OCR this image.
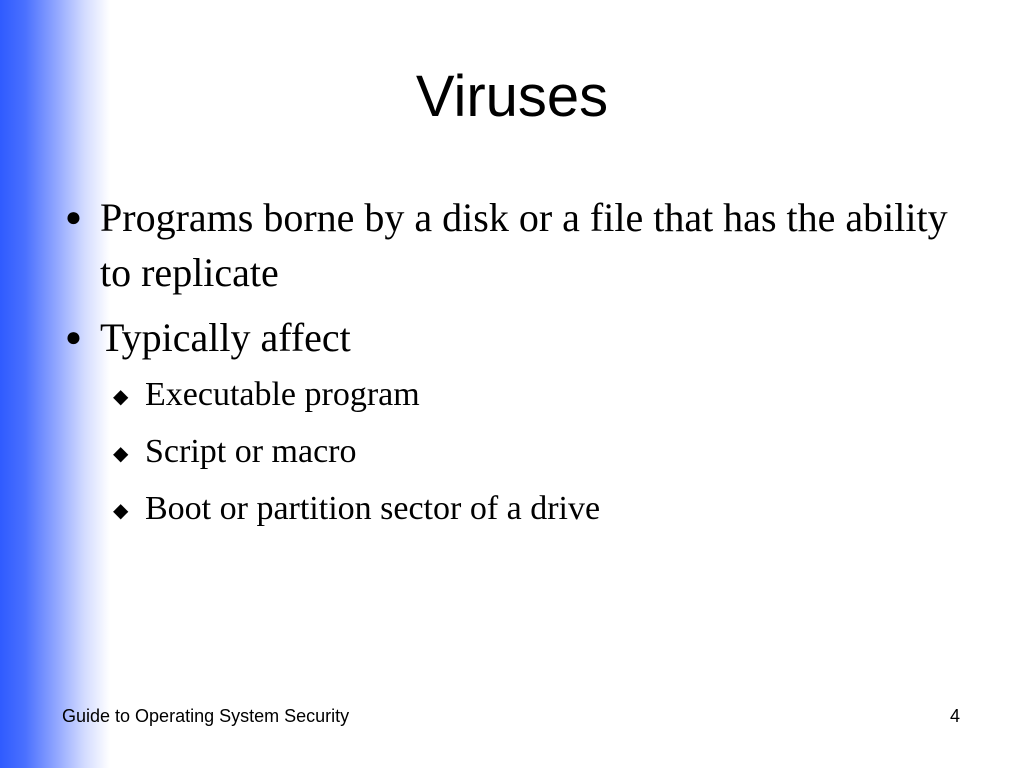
Viruses
● Programs borne by a disk or a file that has the ability to replicate
● Typically affect
◆ Executable program
◆ Script or macro
◆ Boot or partition sector of a drive
Guide to Operating System Security	4
